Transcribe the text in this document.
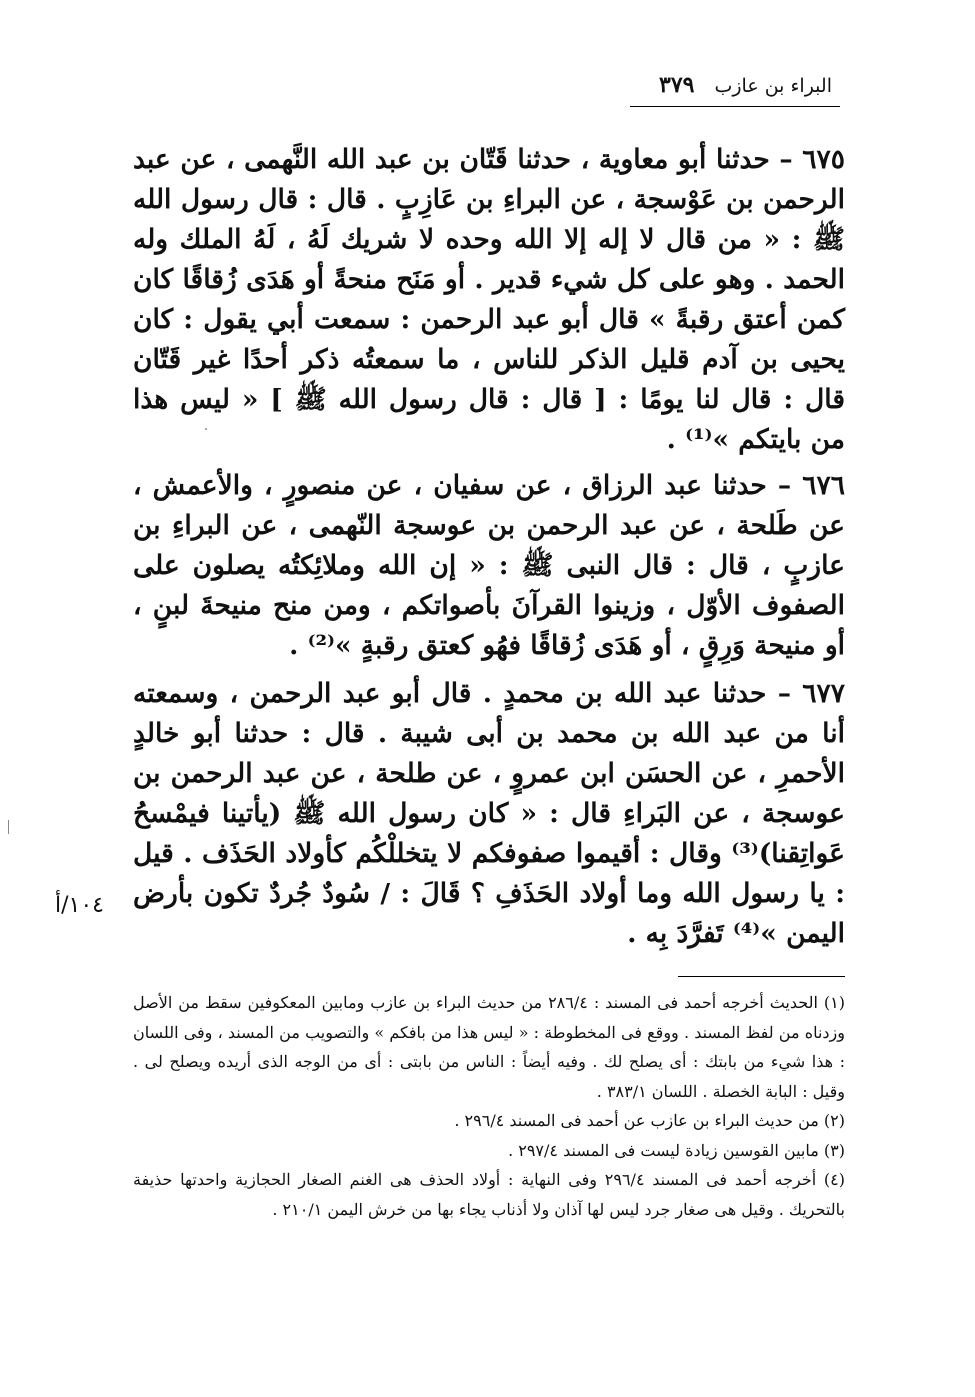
البراء بن عازب
٣٧٩

٦٧٥ – حدثنا أبو معاوية ، حدثنا قَتّان بن عبد الله النَّهمى ، عن عبد الرحمن بن عَوْسجة ، عن البراءِ بن عَازِبٍ . قال : قال رسول الله ﷺ : « من قال لا إله إلا الله وحده لا شريك لَهُ ، لَهُ الملك وله الحمد . وهو على كل شيء قدير . أو مَنَح منحةً أو هَدَى زُقاقًا كان كمن أعتق رقبةً » قال أبو عبد الرحمن : سمعت أبي يقول : كان يحيى بن آدم قليل الذكر للناس ، ما سمعتُه ذكر أحدًا غير قَتّان قال : قال لنا يومًا : [ قال : قال رسول الله ﷺ ] « ليس هذا من بايتكم »⁽¹⁾ .

٦٧٦ – حدثنا عبد الرزاق ، عن سفيان ، عن منصورٍ ، والأعمش ، عن طَلحة ، عن عبد الرحمن بن عوسجة النّهمى ، عن البراءِ بن عازبٍ ، قال : قال النبى ﷺ : « إن الله وملائِكتُه يصلون على الصفوف الأوّل ، وزينوا القرآنَ بأصواتكم ، ومن منح منيحةَ لبنٍ ، أو منيحة وَرِقٍ ، أو هَدَى زُقاقًا فهُو كعتق رقبةٍ »⁽²⁾ .

٦٧٧ – حدثنا عبد الله بن محمدٍ . قال أبو عبد الرحمن ، وسمعته أنا من عبد الله بن محمد بن أبى شيبة . قال : حدثنا أبو خالدٍ الأحمرِ ، عن الحسَن ابن عمروٍ ، عن طلحة ، عن عبد الرحمن بن عوسجة ، عن البَراءِ قال : « كان رسول الله ﷺ (يأتينا فيمْسحُ عَواتِقنا)⁽³⁾ وقال : أقيموا صفوفكم لا يتخللْكُم كأولاد الحَذَف . قيل : يا رسول الله وما أولاد الحَذَفِ ؟ قَالَ : / سُودٌ جُردٌ تكون بأرض اليمن »⁽⁴⁾ تَفرَّدَ بِه .

١٠٤/أ

(١) الحديث أخرجه أحمد فى المسند : ٢٨٦/٤ من حديث البراء بن عازب ومابين المعكوفين سقط من الأصل وزدناه من لفظ المسند . ووقع فى المخطوطة : « ليس هذا من بافكم » والتصويب من المسند ، وفى اللسان : هذا شيء من بابتك : أى يصلح لك . وفيه أيضاً : الناس من بابتى : أى من الوجه الذى أريده ويصلح لى . وقيل : البابة الخصلة . اللسان ٣٨٣/١ .

(٢) من حديث البراء بن عازب عن أحمد فى المسند ٢٩٦/٤ .

(٣) مابين القوسين زيادة ليست فى المسند ٢٩٧/٤ .

(٤) أخرجه أحمد فى المسند ٢٩٦/٤ وفى النهاية : أولاد الحذف هى الغنم الصغار الحجازية واحدتها حذيفة بالتحريك . وقيل هى صغار جرد ليس لها آذان ولا أذناب يجاء بها من خرش اليمن ٢١٠/١ .
